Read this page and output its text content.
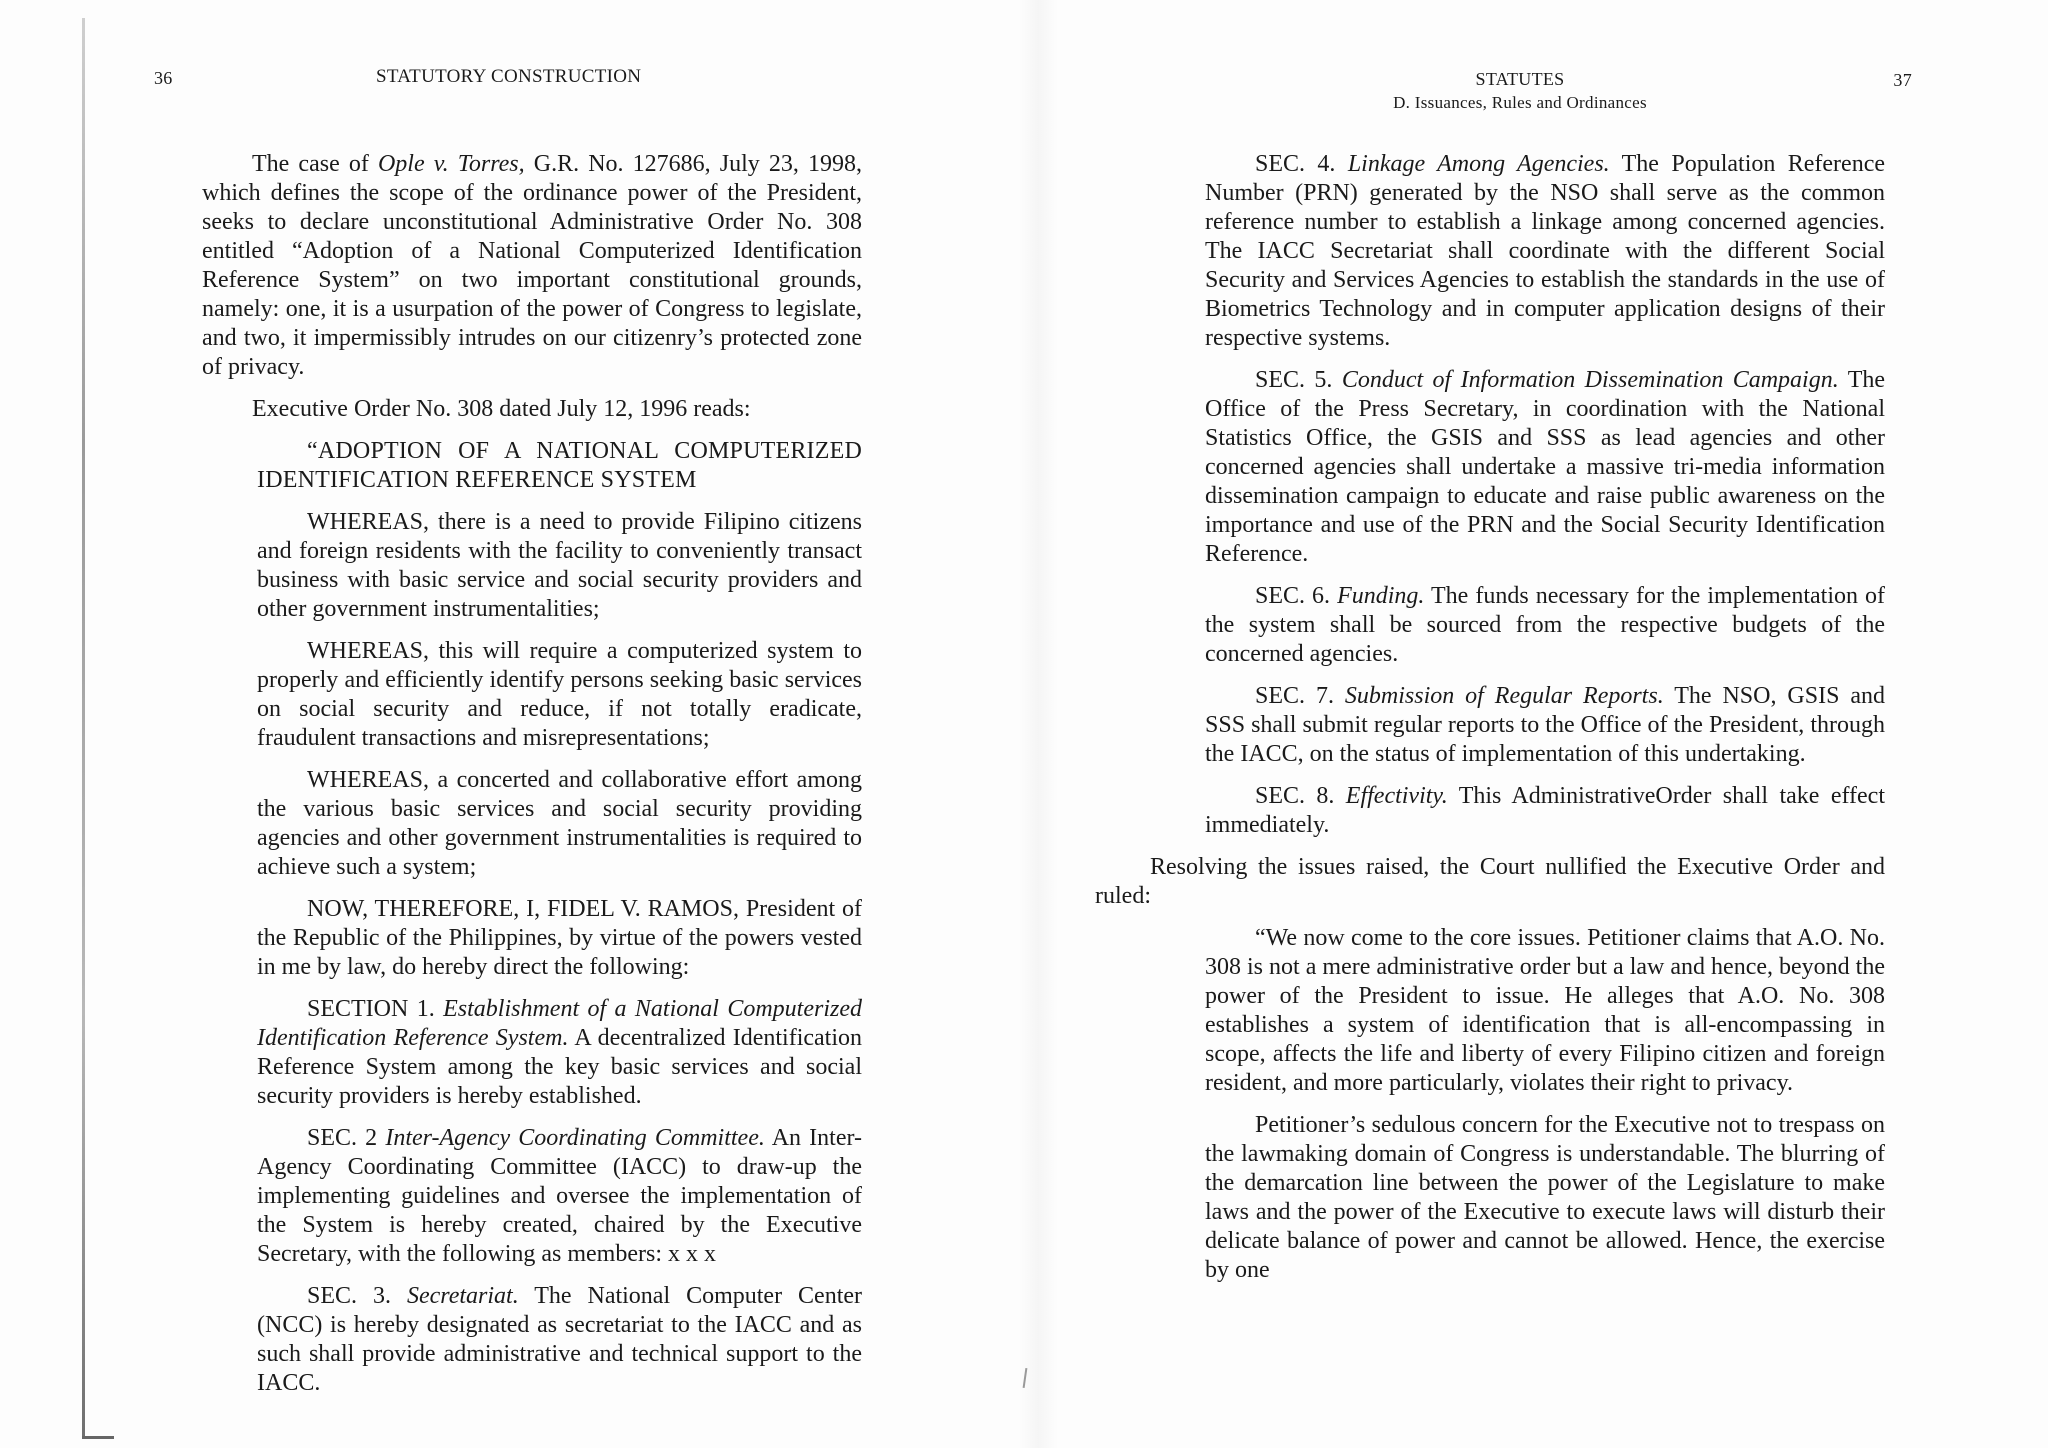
36	STATUTORY CONSTRUCTION

The case of Ople v. Torres, G.R. No. 127686, July 23, 1998, which defines the scope of the ordinance power of the President, seeks to declare unconstitutional Administrative Order No. 308 entitled “Adoption of a National Computerized Identification Reference System” on two important constitutional grounds, namely: one, it is a usurpation of the power of Congress to legislate, and two, it impermissibly intrudes on our citizenry’s protected zone of privacy.

Executive Order No. 308 dated July 12, 1996 reads:

“ADOPTION OF A NATIONAL COMPUTERIZED IDENTIFICATION REFERENCE SYSTEM

WHEREAS, there is a need to provide Filipino citizens and foreign residents with the facility to conveniently transact business with basic service and social security providers and other government instrumentalities;

WHEREAS, this will require a computerized system to properly and efficiently identify persons seeking basic services on social security and reduce, if not totally eradicate, fraudulent transactions and misrepresentations;

WHEREAS, a concerted and collaborative effort among the various basic services and social security providing agencies and other government instrumentalities is required to achieve such a system;

NOW, THEREFORE, I, FIDEL V. RAMOS, President of the Republic of the Philippines, by virtue of the powers vested in me by law, do hereby direct the following:

SECTION 1. Establishment of a National Computerized Identification Reference System. A decentralized Identification Reference System among the key basic services and social security providers is hereby established.

SEC. 2 Inter-Agency Coordinating Committee. An Inter-Agency Coordinating Committee (IACC) to draw-up the implementing guidelines and oversee the implementation of the System is hereby created, chaired by the Executive Secretary, with the following as members: x x x

SEC. 3. Secretariat. The National Computer Center (NCC) is hereby designated as secretariat to the IACC and as such shall provide administrative and technical support to the IACC.

STATUTES
D. Issuances, Rules and Ordinances
37

SEC. 4. Linkage Among Agencies. The Population Reference Number (PRN) generated by the NSO shall serve as the common reference number to establish a linkage among concerned agencies. The IACC Secretariat shall coordinate with the different Social Security and Services Agencies to establish the standards in the use of Biometrics Technology and in computer application designs of their respective systems.

SEC. 5. Conduct of Information Dissemination Campaign. The Office of the Press Secretary, in coordination with the National Statistics Office, the GSIS and SSS as lead agencies and other concerned agencies shall undertake a massive tri-media information dissemination campaign to educate and raise public awareness on the importance and use of the PRN and the Social Security Identification Reference.

SEC. 6. Funding. The funds necessary for the implementation of the system shall be sourced from the respective budgets of the concerned agencies.

SEC. 7. Submission of Regular Reports. The NSO, GSIS and SSS shall submit regular reports to the Office of the President, through the IACC, on the status of implementation of this undertaking.

SEC. 8. Effectivity. This AdministrativeOrder shall take effect immediately.

Resolving the issues raised, the Court nullified the Executive Order and ruled:

“We now come to the core issues. Petitioner claims that A.O. No. 308 is not a mere administrative order but a law and hence, beyond the power of the President to issue. He alleges that A.O. No. 308 establishes a system of identification that is all-encompassing in scope, affects the life and liberty of every Filipino citizen and foreign resident, and more particularly, violates their right to privacy.

Petitioner’s sedulous concern for the Executive not to trespass on the lawmaking domain of Congress is understandable. The blurring of the demarcation line between the power of the Legislature to make laws and the power of the Executive to execute laws will disturb their delicate balance of power and cannot be allowed. Hence, the exercise by one
